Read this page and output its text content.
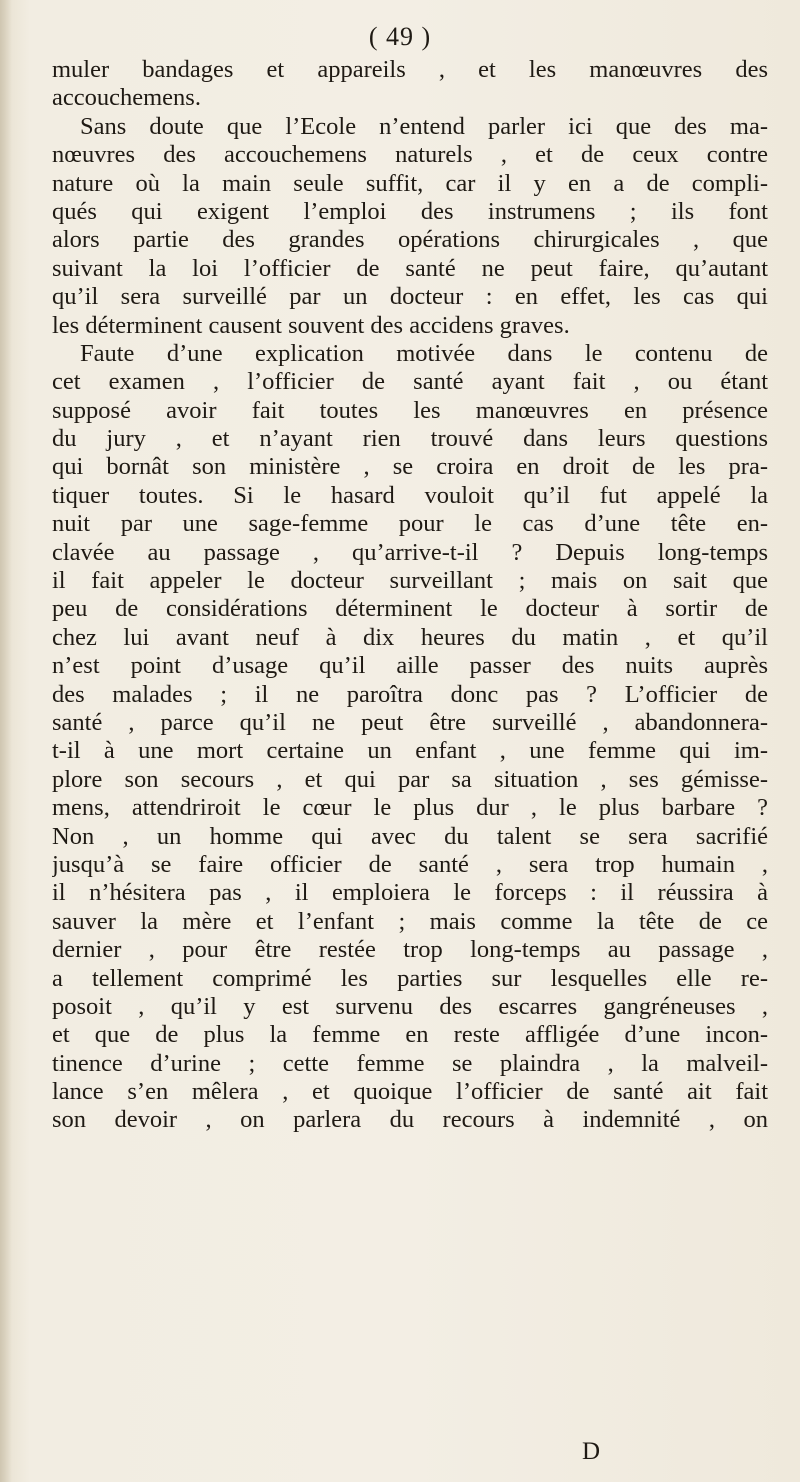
( 49 )
muler bandages et appareils , et les manœuvres des
accouchemens.
Sans doute que l’Ecole n’entend parler ici que des ma-
nœuvres des accouchemens naturels , et de ceux contre
nature où la main seule suffit, car il y en a de compli-
qués qui exigent l’emploi des instrumens ; ils font
alors partie des grandes opérations chirurgicales , que
suivant la loi l’officier de santé ne peut faire, qu’autant
qu’il sera surveillé par un docteur : en effet, les cas qui
les déterminent causent souvent des accidens graves.
Faute d’une explication motivée dans le contenu de
cet examen , l’officier de santé ayant fait , ou étant
supposé avoir fait toutes les manœuvres en présence
du jury , et n’ayant rien trouvé dans leurs questions
qui bornât son ministère , se croira en droit de les pra-
tiquer toutes. Si le hasard vouloit qu’il fut appelé la
nuit par une sage-femme pour le cas d’une tête en-
clavée au passage , qu’arrive-t-il ? Depuis long-temps
il fait appeler le docteur surveillant ; mais on sait que
peu de considérations déterminent le docteur à sortir de
chez lui avant neuf à dix heures du matin , et qu’il
n’est point d’usage qu’il aille passer des nuits auprès
des malades ; il ne paroîtra donc pas ? L’officier de
santé , parce qu’il ne peut être surveillé , abandonnera-
t-il à une mort certaine un enfant , une femme qui im-
plore son secours , et qui par sa situation , ses gémisse-
mens, attendriroit le cœur le plus dur , le plus barbare ?
Non , un homme qui avec du talent se sera sacrifié
jusqu’à se faire officier de santé , sera trop humain ,
il n’hésitera pas , il emploiera le forceps : il réussira à
sauver la mère et l’enfant ; mais comme la tête de ce
dernier , pour être restée trop long-temps au passage ,
a tellement comprimé les parties sur lesquelles elle re-
posoit , qu’il y est survenu des escarres gangréneuses ,
et que de plus la femme en reste affligée d’une incon-
tinence d’urine ; cette femme se plaindra , la malveil-
lance s’en mêlera , et quoique l’officier de santé ait fait
son devoir , on parlera du recours à indemnité , on
D
